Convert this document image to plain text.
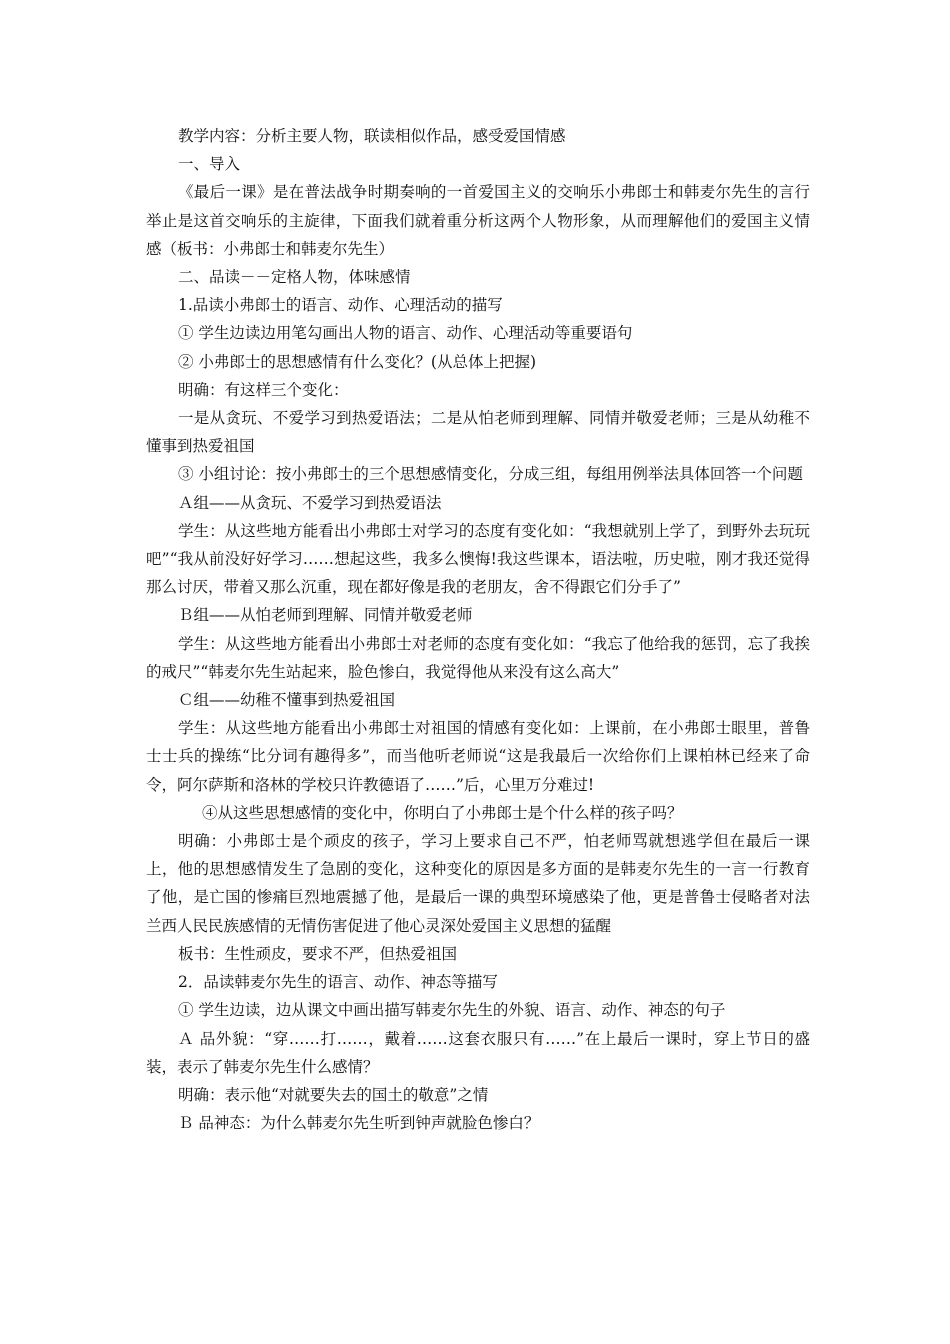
教学内容：分析主要人物，联读相似作品，感受爱国情感

一、导入

《最后一课》是在普法战争时期奏响的一首爱国主义的交响乐小弗郎士和韩麦尔先生的言行举止是这首交响乐的主旋律，下面我们就着重分析这两个人物形象，从而理解他们的爱国主义情感（板书：小弗郎士和韩麦尔先生）

二、品读－－定格人物，体味感情

1.品读小弗郎士的语言、动作、心理活动的描写

① 学生边读边用笔勾画出人物的语言、动作、心理活动等重要语句

② 小弗郎士的思想感情有什么变化？(从总体上把握)

明确：有这样三个变化：

一是从贪玩、不爱学习到热爱语法；二是从怕老师到理解、同情并敬爱老师；三是从幼稚不懂事到热爱祖国

③ 小组讨论：按小弗郎士的三个思想感情变化，分成三组，每组用例举法具体回答一个问题

Ａ组——从贪玩、不爱学习到热爱语法

学生：从这些地方能看出小弗郎士对学习的态度有变化如：“我想就别上学了，到野外去玩玩吧”“我从前没好好学习……想起这些，我多么懊悔!我这些课本，语法啦，历史啦，刚才我还觉得那么讨厌，带着又那么沉重，现在都好像是我的老朋友，舍不得跟它们分手了”

Ｂ组——从怕老师到理解、同情并敬爱老师

学生：从这些地方能看出小弗郎士对老师的态度有变化如：“我忘了他给我的惩罚，忘了我挨的戒尺”“韩麦尔先生站起来，脸色惨白，我觉得他从来没有这么高大”

Ｃ组——幼稚不懂事到热爱祖国

学生：从这些地方能看出小弗郎士对祖国的情感有变化如：上课前，在小弗郎士眼里，普鲁士士兵的操练“比分词有趣得多”，而当他听老师说“这是我最后一次给你们上课柏林已经来了命令，阿尔萨斯和洛林的学校只许教德语了……”后，心里万分难过!

④从这些思想感情的变化中，你明白了小弗郎士是个什么样的孩子吗？

明确：小弗郎士是个顽皮的孩子，学习上要求自己不严，怕老师骂就想逃学但在最后一课上，他的思想感情发生了急剧的变化，这种变化的原因是多方面的是韩麦尔先生的一言一行教育了他，是亡国的惨痛巨烈地震撼了他，是最后一课的典型环境感染了他，更是普鲁士侵略者对法兰西人民民族感情的无情伤害促进了他心灵深处爱国主义思想的猛醒

板书：生性顽皮，要求不严，但热爱祖国

2．品读韩麦尔先生的语言、动作、神态等描写

① 学生边读，边从课文中画出描写韩麦尔先生的外貌、语言、动作、神态的句子

Ａ 品外貌：“穿……打……，戴着……这套衣服只有……”在上最后一课时，穿上节日的盛装，表示了韩麦尔先生什么感情？

明确：表示他“对就要失去的国土的敬意”之情

Ｂ 品神态：为什么韩麦尔先生听到钟声就脸色惨白？
